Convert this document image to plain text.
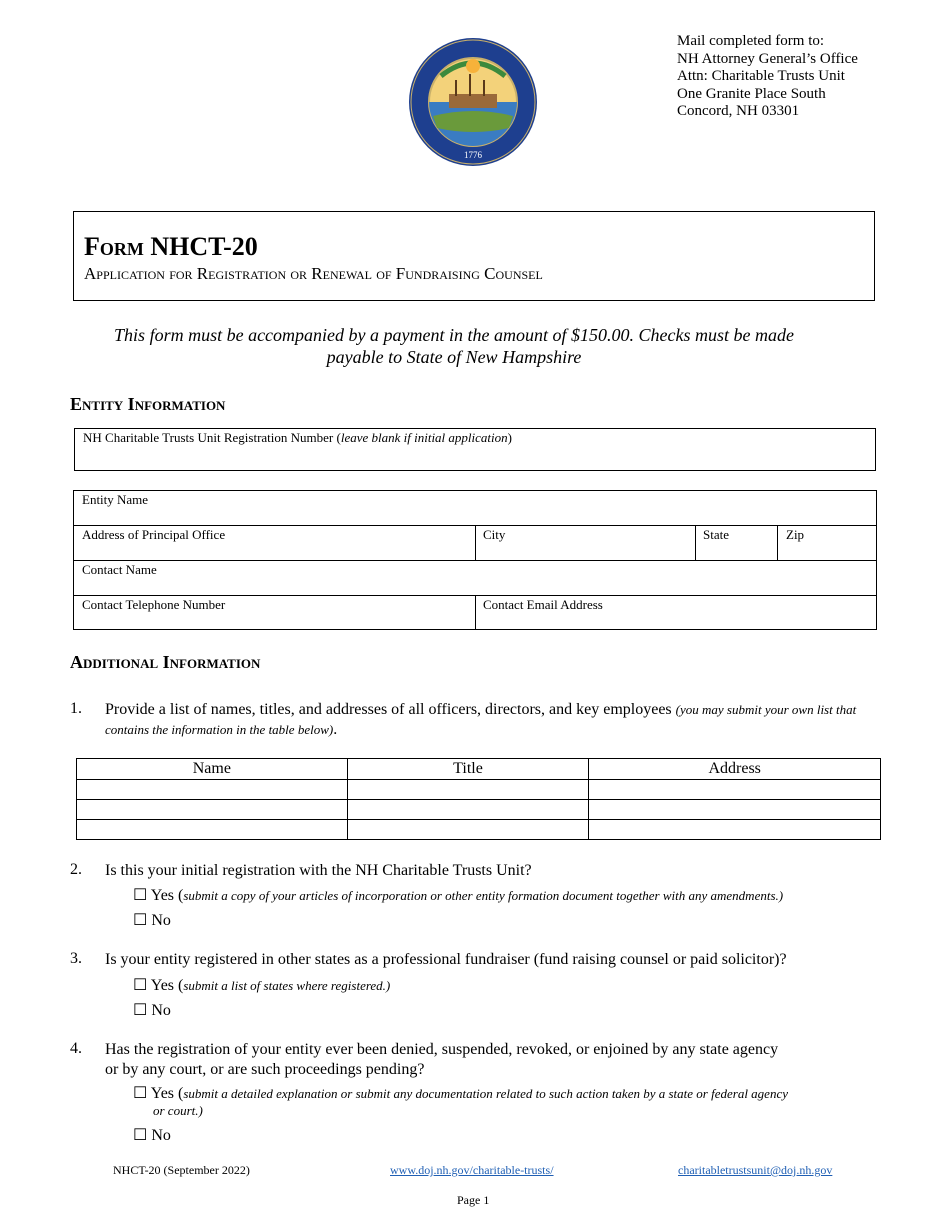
1776
Mail completed form to:
NH Attorney General’s Office
Attn: Charitable Trusts Unit
One Granite Place South
Concord, NH 03301
Form NHCT-20
Application for Registration or Renewal of Fundraising Counsel
This form must be accompanied by a payment in the amount of $150.00. Checks must be made
payable to State of New Hampshire
Entity Information
NH Charitable Trusts Unit Registration Number (leave blank if initial application)
Entity Name
Address of Principal Office	City	State	Zip
Contact Name
Contact Telephone Number	Contact Email Address
Additional Information
1. Provide a list of names, titles, and addresses of all officers, directors, and key employees (you may submit your own list that contains the information in the table below).
Name	Title	Address

2. Is this your initial registration with the NH Charitable Trusts Unit?
☐ Yes (submit a copy of your articles of incorporation or other entity formation document together with any amendments.)
☐ No
3. Is your entity registered in other states as a professional fundraiser (fund raising counsel or paid solicitor)?
☐ Yes (submit a list of states where registered.)
☐ No
4. Has the registration of your entity ever been denied, suspended, revoked, or enjoined by any state agency
or by any court, or are such proceedings pending?
☐ Yes (submit a detailed explanation or submit any documentation related to such action taken by a state or federal agency
or court.)
☐ No
NHCT-20 (September 2022)	www.doj.nh.gov/charitable-trusts/	charitabletrustsunit@doj.nh.gov
Page 1
